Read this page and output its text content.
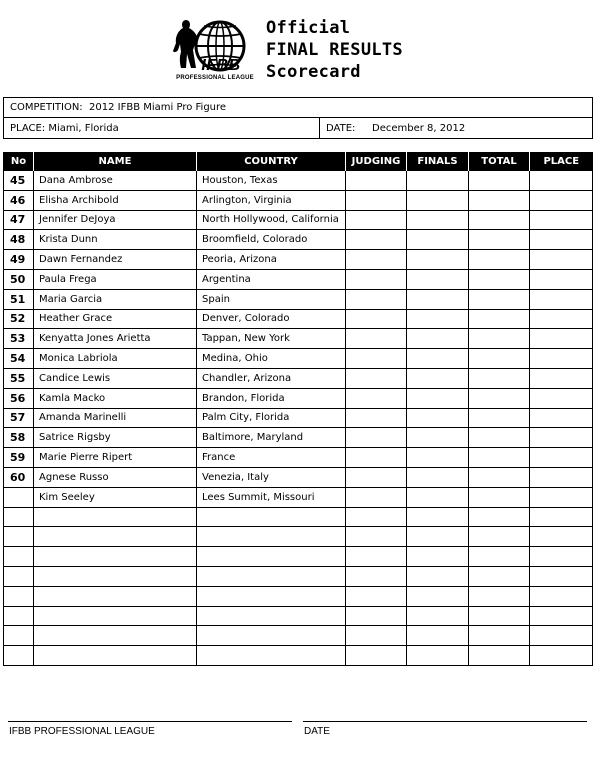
IFBB
PROFESSIONAL LEAGUE
Official
FINAL RESULTS
Scorecard
COMPETITION:
2012 IFBB Miami Pro Figure
PLACE:
Miami, Florida	DATE: December 8, 2012
No	NAME	COUNTRY	JUDGING	FINALS	TOTAL	PLACE
45	Dana Ambrose	Houston, Texas				
46	Elisha Archibold	Arlington, Virginia				
47	Jennifer DeJoya	North Hollywood, California				
48	Krista Dunn	Broomfield, Colorado				
49	Dawn Fernandez	Peoria, Arizona				
50	Paula Frega	Argentina				
51	Maria Garcia	Spain				
52	Heather Grace	Denver, Colorado				
53	Kenyatta Jones Arietta	Tappan, New York				
54	Monica Labriola	Medina, Ohio				
55	Candice Lewis	Chandler, Arizona				
56	Kamla Macko	Brandon, Florida				
57	Amanda Marinelli	Palm City, Florida				
58	Satrice Rigsby	Baltimore, Maryland				
59	Marie Pierre Ripert	France				
60	Agnese Russo	Venezia, Italy				
	Kim Seeley	Lees Summit, Missouri				

IFBB PROFESSIONAL LEAGUE	DATE
